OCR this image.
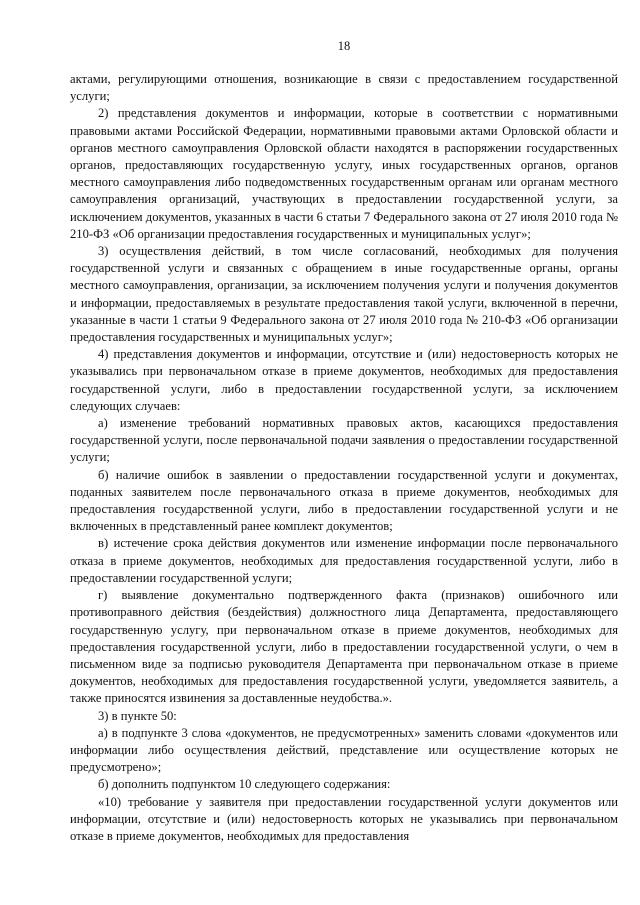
18

актами, регулирующими отношения, возникающие в связи с предоставлением государственной услуги;

2) представления документов и информации, которые в соответствии с нормативными правовыми актами Российской Федерации, нормативными правовыми актами Орловской области и органов местного самоуправления Орловской области находятся в распоряжении государственных органов, предоставляющих государственную услугу, иных государственных органов, органов местного самоуправления либо подведомственных государственным органам или органам местного самоуправления организаций, участвующих в предоставлении государственной услуги, за исключением документов, указанных в части 6 статьи 7 Федерального закона от 27 июля 2010 года № 210-ФЗ «Об организации предоставления государственных и муниципальных услуг»;

3) осуществления действий, в том числе согласований, необходимых для получения государственной услуги и связанных с обращением в иные государственные органы, органы местного самоуправления, организации, за исключением получения услуги и получения документов и информации, предоставляемых в результате предоставления такой услуги, включенной в перечни, указанные в части 1 статьи 9 Федерального закона от 27 июля 2010 года № 210-ФЗ «Об организации предоставления государственных и муниципальных услуг»;

4) представления документов и информации, отсутствие и (или) недостоверность которых не указывались при первоначальном отказе в приеме документов, необходимых для предоставления государственной услуги, либо в предоставлении государственной услуги, за исключением следующих случаев:

а) изменение требований нормативных правовых актов, касающихся предоставления государственной услуги, после первоначальной подачи заявления о предоставлении государственной услуги;

б) наличие ошибок в заявлении о предоставлении государственной услуги и документах, поданных заявителем после первоначального отказа в приеме документов, необходимых для предоставления государственной услуги, либо в предоставлении государственной услуги и не включенных в представленный ранее комплект документов;

в) истечение срока действия документов или изменение информации после первоначального отказа в приеме документов, необходимых для предоставления государственной услуги, либо в предоставлении государственной услуги;

г) выявление документально подтвержденного факта (признаков) ошибочного или противоправного действия (бездействия) должностного лица Департамента, предоставляющего государственную услугу, при первоначальном отказе в приеме документов, необходимых для предоставления государственной услуги, либо в предоставлении государственной услуги, о чем в письменном виде за подписью руководителя Департамента при первоначальном отказе в приеме документов, необходимых для предоставления государственной услуги, уведомляется заявитель, а также приносятся извинения за доставленные неудобства.».

3) в пункте 50:

а) в подпункте 3 слова «документов, не предусмотренных» заменить словами «документов или информации либо осуществления действий, представление или осуществление которых не предусмотрено»;

б) дополнить подпунктом 10 следующего содержания:

«10) требование у заявителя при предоставлении государственной услуги документов или информации, отсутствие и (или) недостоверность которых не указывались при первоначальном отказе в приеме документов, необходимых для предоставления
